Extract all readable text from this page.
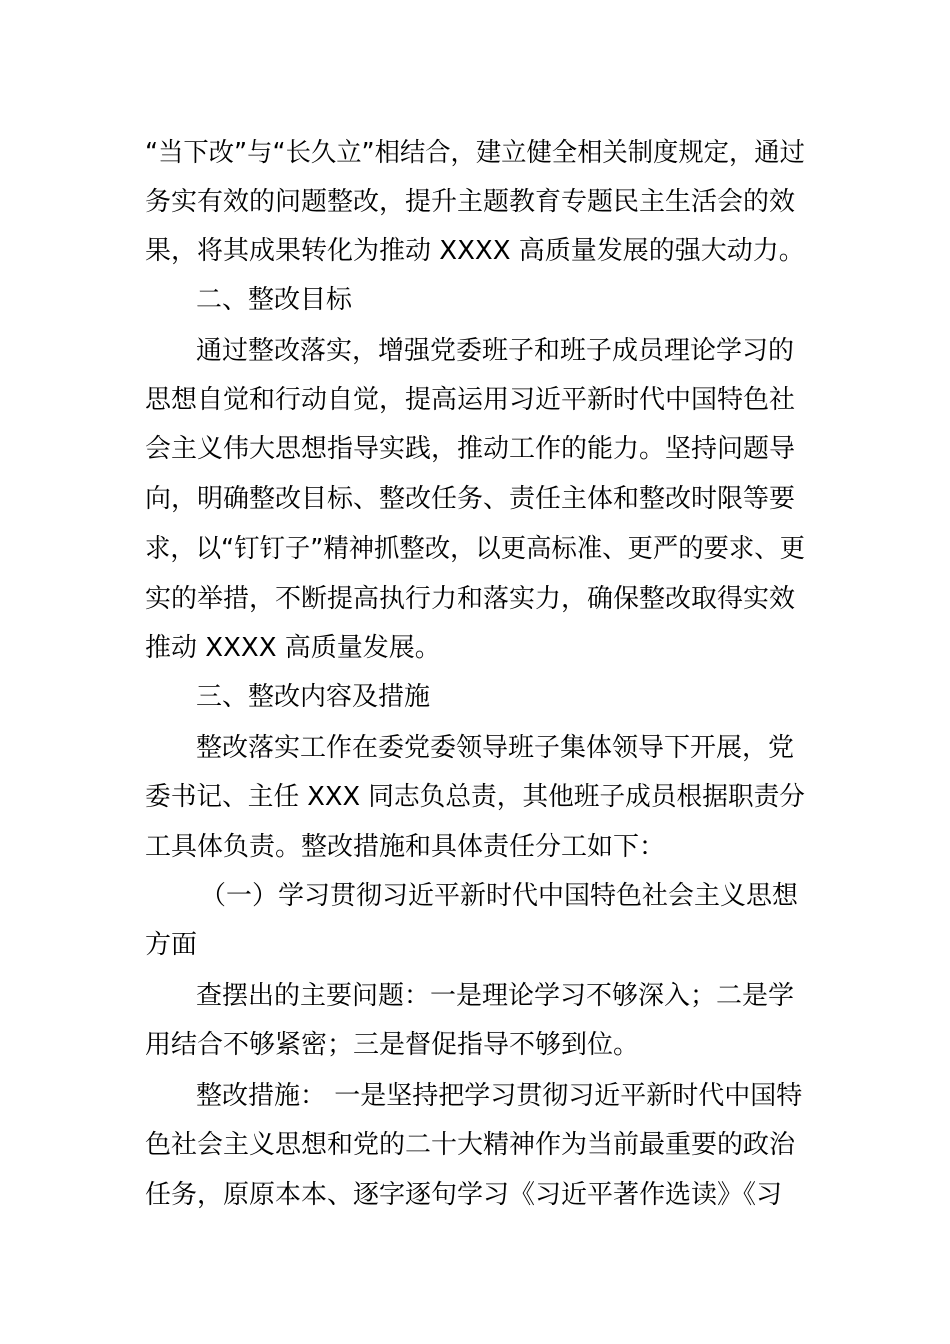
“当下改”与“长久立”相结合，建立健全相关制度规定，通过
务实有效的问题整改，提升主题教育专题民主生活会的效
果，将其成果转化为推动 XXXX 高质量发展的强大动力。
二、整改目标
通过整改落实，增强党委班子和班子成员理论学习的
思想自觉和行动自觉，提高运用习近平新时代中国特色社
会主义伟大思想指导实践，推动工作的能力。坚持问题导
向，明确整改目标、整改任务、责任主体和整改时限等要
求，以“钉钉子”精神抓整改，以更高标准、更严的要求、更
实的举措，不断提高执行力和落实力，确保整改取得实效
推动 XXXX 高质量发展。
三、整改内容及措施
整改落实工作在委党委领导班子集体领导下开展，党
委书记、主任 XXX 同志负总责，其他班子成员根据职责分
工具体负责。整改措施和具体责任分工如下：
（一）学习贯彻习近平新时代中国特色社会主义思想
方面
查摆出的主要问题：一是理论学习不够深入；二是学
用结合不够紧密；三是督促指导不够到位。
整改措施： 一是坚持把学习贯彻习近平新时代中国特
色社会主义思想和党的二十大精神作为当前最重要的政治
任务，原原本本、逐字逐句学习《习近平著作选读》《习
